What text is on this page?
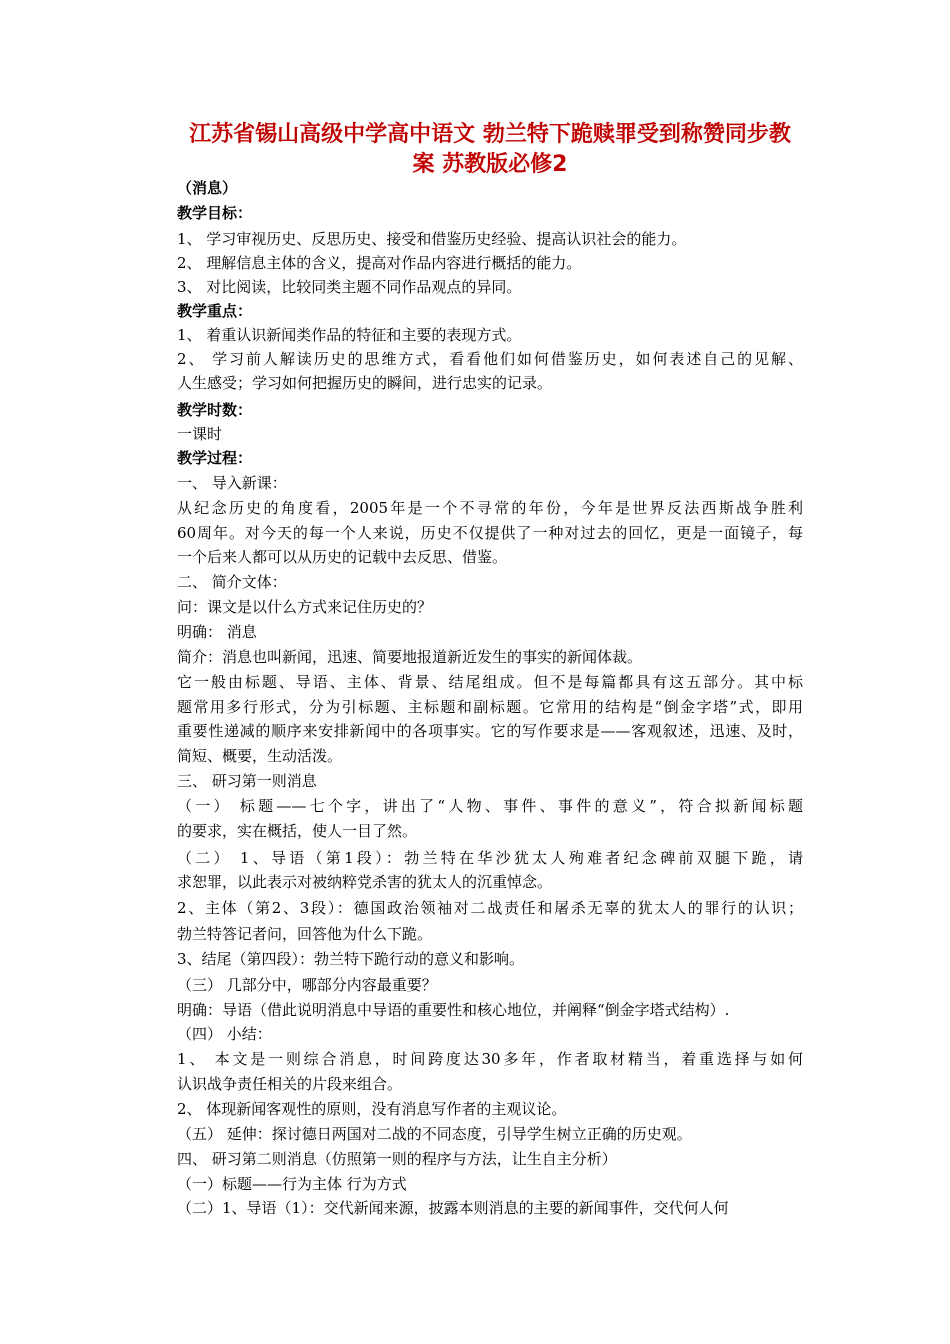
江苏省锡山高级中学高中语文 勃兰特下跪赎罪受到称赞同步教
案 苏教版必修2
（消息）
教学目标：
1、 学习审视历史、反思历史、接受和借鉴历史经验、提高认识社会的能力。
2、 理解信息主体的含义，提高对作品内容进行概括的能力。
3、 对比阅读，比较同类主题不同作品观点的异同。
教学重点：
1、 着重认识新闻类作品的特征和主要的表现方式。
2、 学习前人解读历史的思维方式，看看他们如何借鉴历史，如何表述自己的见解、
人生感受；学习如何把握历史的瞬间，进行忠实的记录。
教学时数：
一课时
教学过程：
一、 导入新课：
从纪念历史的角度看，2005年是一个不寻常的年份，今年是世界反法西斯战争胜利
60周年。对今天的每一个人来说，历史不仅提供了一种对过去的回忆，更是一面镜子，每
一个后来人都可以从历史的记载中去反思、借鉴。
二、 简介文体：
问：课文是以什么方式来记住历史的？
明确： 消息
简介：消息也叫新闻，迅速、简要地报道新近发生的事实的新闻体裁。
它一般由标题、导语、主体、背景、结尾组成。但不是每篇都具有这五部分。其中标
题常用多行形式，分为引标题、主标题和副标题。它常用的结构是“倒金字塔”式，即用
重要性递减的顺序来安排新闻中的各项事实。它的写作要求是——客观叙述，迅速、及时，
简短、概要，生动活泼。
三、 研习第一则消息
（一） 标题——七个字，讲出了“人物、事件、事件的意义”，符合拟新闻标题
的要求，实在概括，使人一目了然。
（二） 1、导语（第1段）：勃兰特在华沙犹太人殉难者纪念碑前双腿下跪，请
求恕罪，以此表示对被纳粹党杀害的犹太人的沉重悼念。
2、主体（第2、3段）：德国政治领袖对二战责任和屠杀无辜的犹太人的罪行的认识；
勃兰特答记者问，回答他为什么下跪。
3、结尾（第四段）：勃兰特下跪行动的意义和影响。
（三） 几部分中，哪部分内容最重要？
明确：导语（借此说明消息中导语的重要性和核心地位，并阐释“倒金字塔式结构）.
（四） 小结：
1、 本文是一则综合消息，时间跨度达30多年，作者取材精当，着重选择与如何
认识战争责任相关的片段来组合。
2、 体现新闻客观性的原则，没有消息写作者的主观议论。
（五） 延伸：探讨德日两国对二战的不同态度，引导学生树立正确的历史观。
四、 研习第二则消息（仿照第一则的程序与方法，让生自主分析）
（一）标题——行为主体 行为方式
（二）1、导语（1）：交代新闻来源，披露本则消息的主要的新闻事件，交代何人何
